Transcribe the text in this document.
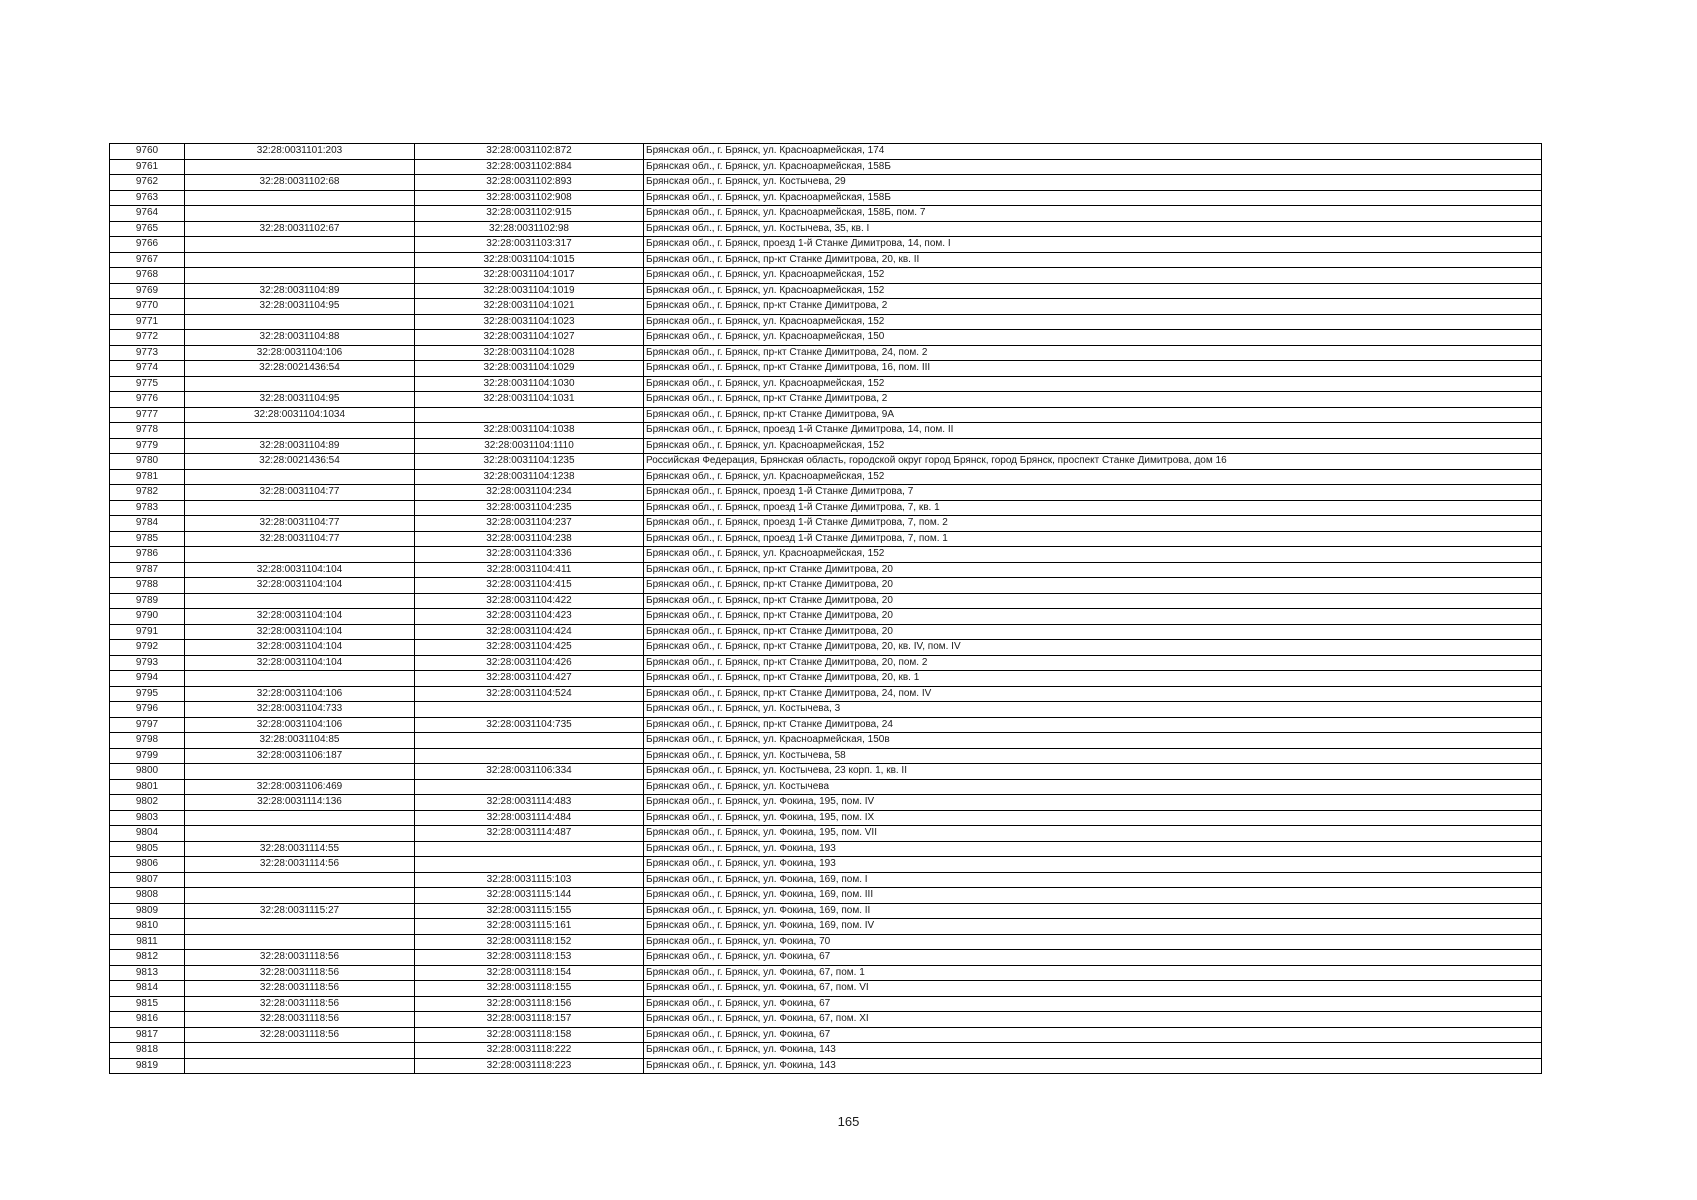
9760	32:28:0031101:203	32:28:0031102:872	Брянская обл., г. Брянск, ул. Красноармейская, 174
9761		32:28:0031102:884	Брянская обл., г. Брянск, ул. Красноармейская, 158Б
9762	32:28:0031102:68	32:28:0031102:893	Брянская обл., г. Брянск, ул. Костычева, 29
9763		32:28:0031102:908	Брянская обл., г. Брянск, ул. Красноармейская, 158Б
9764		32:28:0031102:915	Брянская обл., г. Брянск, ул. Красноармейская, 158Б, пом. 7
9765	32:28:0031102:67	32:28:0031102:98	Брянская обл., г. Брянск, ул. Костычева, 35, кв. I
9766		32:28:0031103:317	Брянская обл., г. Брянск, проезд 1-й Станке Димитрова, 14, пом. I
9767		32:28:0031104:1015	Брянская обл., г. Брянск, пр-кт Станке Димитрова, 20, кв. II
9768		32:28:0031104:1017	Брянская обл., г. Брянск, ул. Красноармейская, 152
9769	32:28:0031104:89	32:28:0031104:1019	Брянская обл., г. Брянск, ул. Красноармейская, 152
9770	32:28:0031104:95	32:28:0031104:1021	Брянская обл., г. Брянск, пр-кт Станке Димитрова, 2
9771		32:28:0031104:1023	Брянская обл., г. Брянск, ул. Красноармейская, 152
9772	32:28:0031104:88	32:28:0031104:1027	Брянская обл., г. Брянск, ул. Красноармейская, 150
9773	32:28:0031104:106	32:28:0031104:1028	Брянская обл., г. Брянск, пр-кт Станке Димитрова, 24, пом. 2
9774	32:28:0021436:54	32:28:0031104:1029	Брянская обл., г. Брянск, пр-кт Станке Димитрова, 16, пом. III
9775		32:28:0031104:1030	Брянская обл., г. Брянск, ул. Красноармейская, 152
9776	32:28:0031104:95	32:28:0031104:1031	Брянская обл., г. Брянск, пр-кт Станке Димитрова, 2
9777	32:28:0031104:1034		Брянская обл., г. Брянск, пр-кт Станке Димитрова, 9А
9778		32:28:0031104:1038	Брянская обл., г. Брянск, проезд 1-й Станке Димитрова, 14, пом. II
9779	32:28:0031104:89	32:28:0031104:1110	Брянская обл., г. Брянск, ул. Красноармейская, 152
9780	32:28:0021436:54	32:28:0031104:1235	Российская Федерация, Брянская область, городской округ город Брянск, город Брянск, проспект Станке Димитрова, дом 16
9781		32:28:0031104:1238	Брянская обл., г. Брянск, ул. Красноармейская, 152
9782	32:28:0031104:77	32:28:0031104:234	Брянская обл., г. Брянск, проезд 1-й Станке Димитрова, 7
9783		32:28:0031104:235	Брянская обл., г. Брянск, проезд 1-й Станке Димитрова, 7, кв. 1
9784	32:28:0031104:77	32:28:0031104:237	Брянская обл., г. Брянск, проезд 1-й Станке Димитрова, 7, пом. 2
9785	32:28:0031104:77	32:28:0031104:238	Брянская обл., г. Брянск, проезд 1-й Станке Димитрова, 7, пом. 1
9786		32:28:0031104:336	Брянская обл., г. Брянск, ул. Красноармейская, 152
9787	32:28:0031104:104	32:28:0031104:411	Брянская обл., г. Брянск, пр-кт Станке Димитрова, 20
9788	32:28:0031104:104	32:28:0031104:415	Брянская обл., г. Брянск, пр-кт Станке Димитрова, 20
9789		32:28:0031104:422	Брянская обл., г. Брянск, пр-кт Станке Димитрова, 20
9790	32:28:0031104:104	32:28:0031104:423	Брянская обл., г. Брянск, пр-кт Станке Димитрова, 20
9791	32:28:0031104:104	32:28:0031104:424	Брянская обл., г. Брянск, пр-кт Станке Димитрова, 20
9792	32:28:0031104:104	32:28:0031104:425	Брянская обл., г. Брянск, пр-кт Станке Димитрова, 20, кв. IV, пом. IV
9793	32:28:0031104:104	32:28:0031104:426	Брянская обл., г. Брянск, пр-кт Станке Димитрова, 20, пом. 2
9794		32:28:0031104:427	Брянская обл., г. Брянск, пр-кт Станке Димитрова, 20, кв. 1
9795	32:28:0031104:106	32:28:0031104:524	Брянская обл., г. Брянск, пр-кт Станке Димитрова, 24, пом. IV
9796	32:28:0031104:733		Брянская обл., г. Брянск, ул. Костычева, 3
9797	32:28:0031104:106	32:28:0031104:735	Брянская обл., г. Брянск, пр-кт Станке Димитрова, 24
9798	32:28:0031104:85		Брянская обл., г. Брянск, ул. Красноармейская, 150в
9799	32:28:0031106:187		Брянская обл., г. Брянск, ул. Костычева, 58
9800		32:28:0031106:334	Брянская обл., г. Брянск, ул. Костычева, 23 корп. 1, кв. II
9801	32:28:0031106:469		Брянская обл., г. Брянск, ул. Костычева
9802	32:28:0031114:136	32:28:0031114:483	Брянская обл., г. Брянск, ул. Фокина, 195, пом. IV
9803		32:28:0031114:484	Брянская обл., г. Брянск, ул. Фокина, 195, пом. IX
9804		32:28:0031114:487	Брянская обл., г. Брянск, ул. Фокина, 195, пом. VII
9805	32:28:0031114:55		Брянская обл., г. Брянск, ул. Фокина, 193
9806	32:28:0031114:56		Брянская обл., г. Брянск, ул. Фокина, 193
9807		32:28:0031115:103	Брянская обл., г. Брянск, ул. Фокина, 169, пом. I
9808		32:28:0031115:144	Брянская обл., г. Брянск, ул. Фокина, 169, пом. III
9809	32:28:0031115:27	32:28:0031115:155	Брянская обл., г. Брянск, ул. Фокина, 169, пом. II
9810		32:28:0031115:161	Брянская обл., г. Брянск, ул. Фокина, 169, пом. IV
9811		32:28:0031118:152	Брянская обл., г. Брянск, ул. Фокина, 70
9812	32:28:0031118:56	32:28:0031118:153	Брянская обл., г. Брянск, ул. Фокина, 67
9813	32:28:0031118:56	32:28:0031118:154	Брянская обл., г. Брянск, ул. Фокина, 67, пом. 1
9814	32:28:0031118:56	32:28:0031118:155	Брянская обл., г. Брянск, ул. Фокина, 67, пом. VI
9815	32:28:0031118:56	32:28:0031118:156	Брянская обл., г. Брянск, ул. Фокина, 67
9816	32:28:0031118:56	32:28:0031118:157	Брянская обл., г. Брянск, ул. Фокина, 67, пом. XI
9817	32:28:0031118:56	32:28:0031118:158	Брянская обл., г. Брянск, ул. Фокина, 67
9818		32:28:0031118:222	Брянская обл., г. Брянск, ул. Фокина, 143
9819		32:28:0031118:223	Брянская обл., г. Брянск, ул. Фокина, 143
165
